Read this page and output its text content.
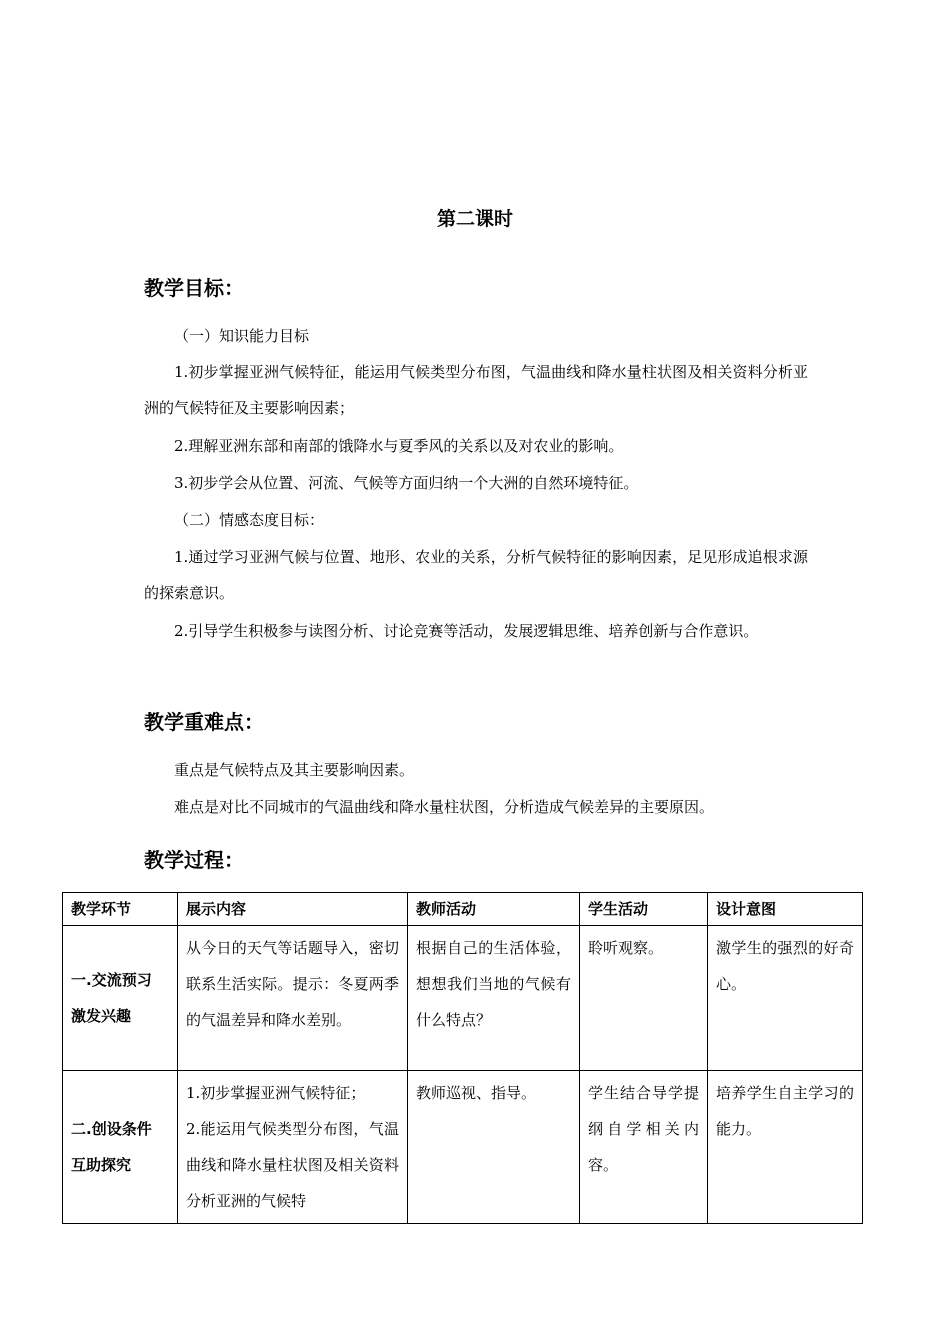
第二课时
教学目标：
（一）知识能力目标
1.初步掌握亚洲气候特征，能运用气候类型分布图，气温曲线和降水量柱状图及相关资料分析亚洲的气候特征及主要影响因素；
2.理解亚洲东部和南部的饿降水与夏季风的关系以及对农业的影响。
3.初步学会从位置、河流、气候等方面归纳一个大洲的自然环境特征。
（二）情感态度目标：
1.通过学习亚洲气候与位置、地形、农业的关系，分析气候特征的影响因素，足见形成追根求源的探索意识。
2.引导学生积极参与读图分析、讨论竞赛等活动，发展逻辑思维、培养创新与合作意识。
教学重难点：
重点是气候特点及其主要影响因素。
难点是对比不同城市的气温曲线和降水量柱状图，分析造成气候差异的主要原因。
教学过程：
教学环节	展示内容	教师活动	学生活动	设计意图

一.交流预习
激发兴趣	从今日的天气等话题导入，密切联系生活实际。提示：冬夏两季的气温差异和降水差别。	根据自己的生活体验，想想我们当地的气候有什么特点？	聆听观察。	激学生的强烈的好奇心。

二.创设条件
互助探究	1.初步掌握亚洲气候特征；
2.能运用气候类型分布图，气温曲线和降水量柱状图及相关资料分析亚洲的气候特	教师巡视、指导。	学生结合导学提纲自学相关内容。	培养学生自主学习的能力。
